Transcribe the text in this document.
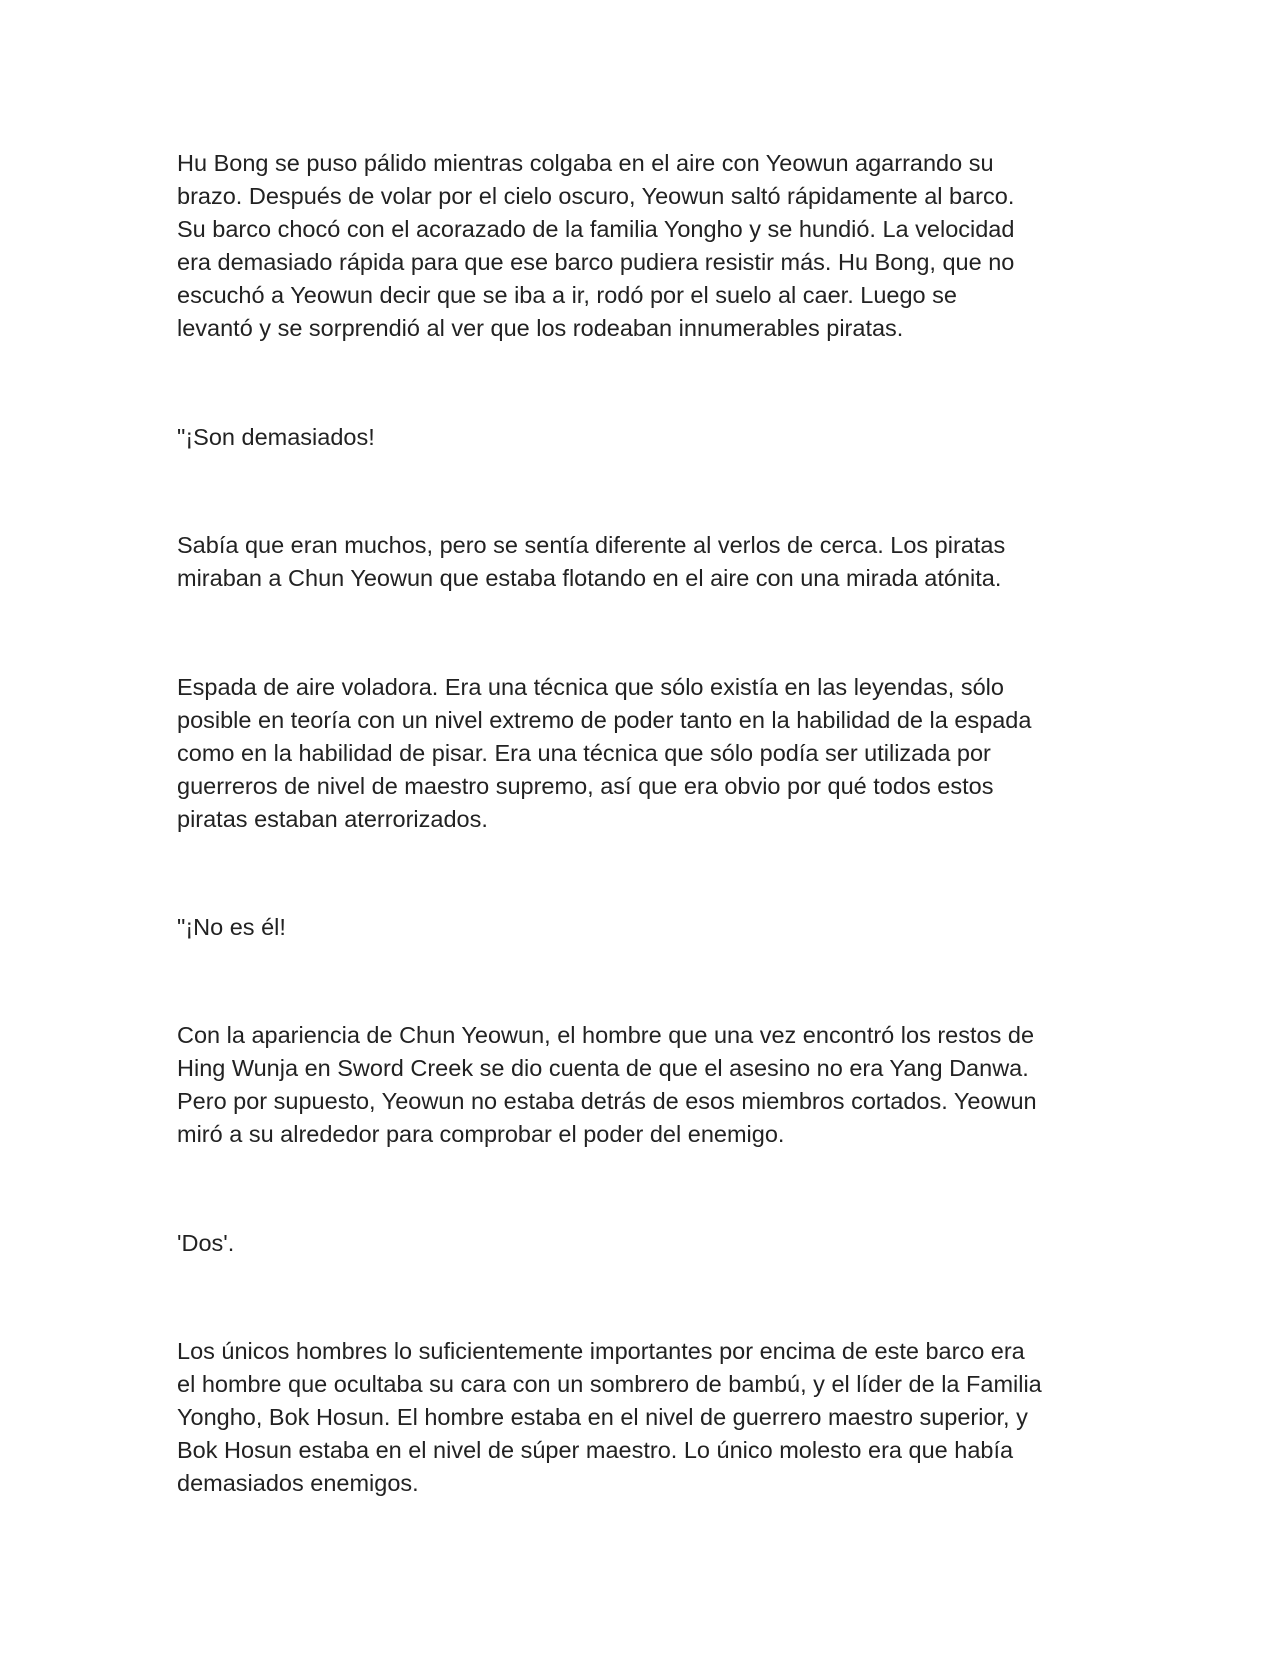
Hu Bong se puso pálido mientras colgaba en el aire con Yeowun agarrando su
brazo. Después de volar por el cielo oscuro, Yeowun saltó rápidamente al barco.
Su barco chocó con el acorazado de la familia Yongho y se hundió. La velocidad
era demasiado rápida para que ese barco pudiera resistir más. Hu Bong, que no
escuchó a Yeowun decir que se iba a ir, rodó por el suelo al caer. Luego se
levantó y se sorprendió al ver que los rodeaban innumerables piratas.

"¡Son demasiados!

Sabía que eran muchos, pero se sentía diferente al verlos de cerca. Los piratas
miraban a Chun Yeowun que estaba flotando en el aire con una mirada atónita.

Espada de aire voladora. Era una técnica que sólo existía en las leyendas, sólo
posible en teoría con un nivel extremo de poder tanto en la habilidad de la espada
como en la habilidad de pisar. Era una técnica que sólo podía ser utilizada por
guerreros de nivel de maestro supremo, así que era obvio por qué todos estos
piratas estaban aterrorizados.

"¡No es él!

Con la apariencia de Chun Yeowun, el hombre que una vez encontró los restos de
Hing Wunja en Sword Creek se dio cuenta de que el asesino no era Yang Danwa.
Pero por supuesto, Yeowun no estaba detrás de esos miembros cortados. Yeowun
miró a su alrededor para comprobar el poder del enemigo.

'Dos'.

Los únicos hombres lo suficientemente importantes por encima de este barco era
el hombre que ocultaba su cara con un sombrero de bambú, y el líder de la Familia
Yongho, Bok Hosun. El hombre estaba en el nivel de guerrero maestro superior, y
Bok Hosun estaba en el nivel de súper maestro. Lo único molesto era que había
demasiados enemigos.
